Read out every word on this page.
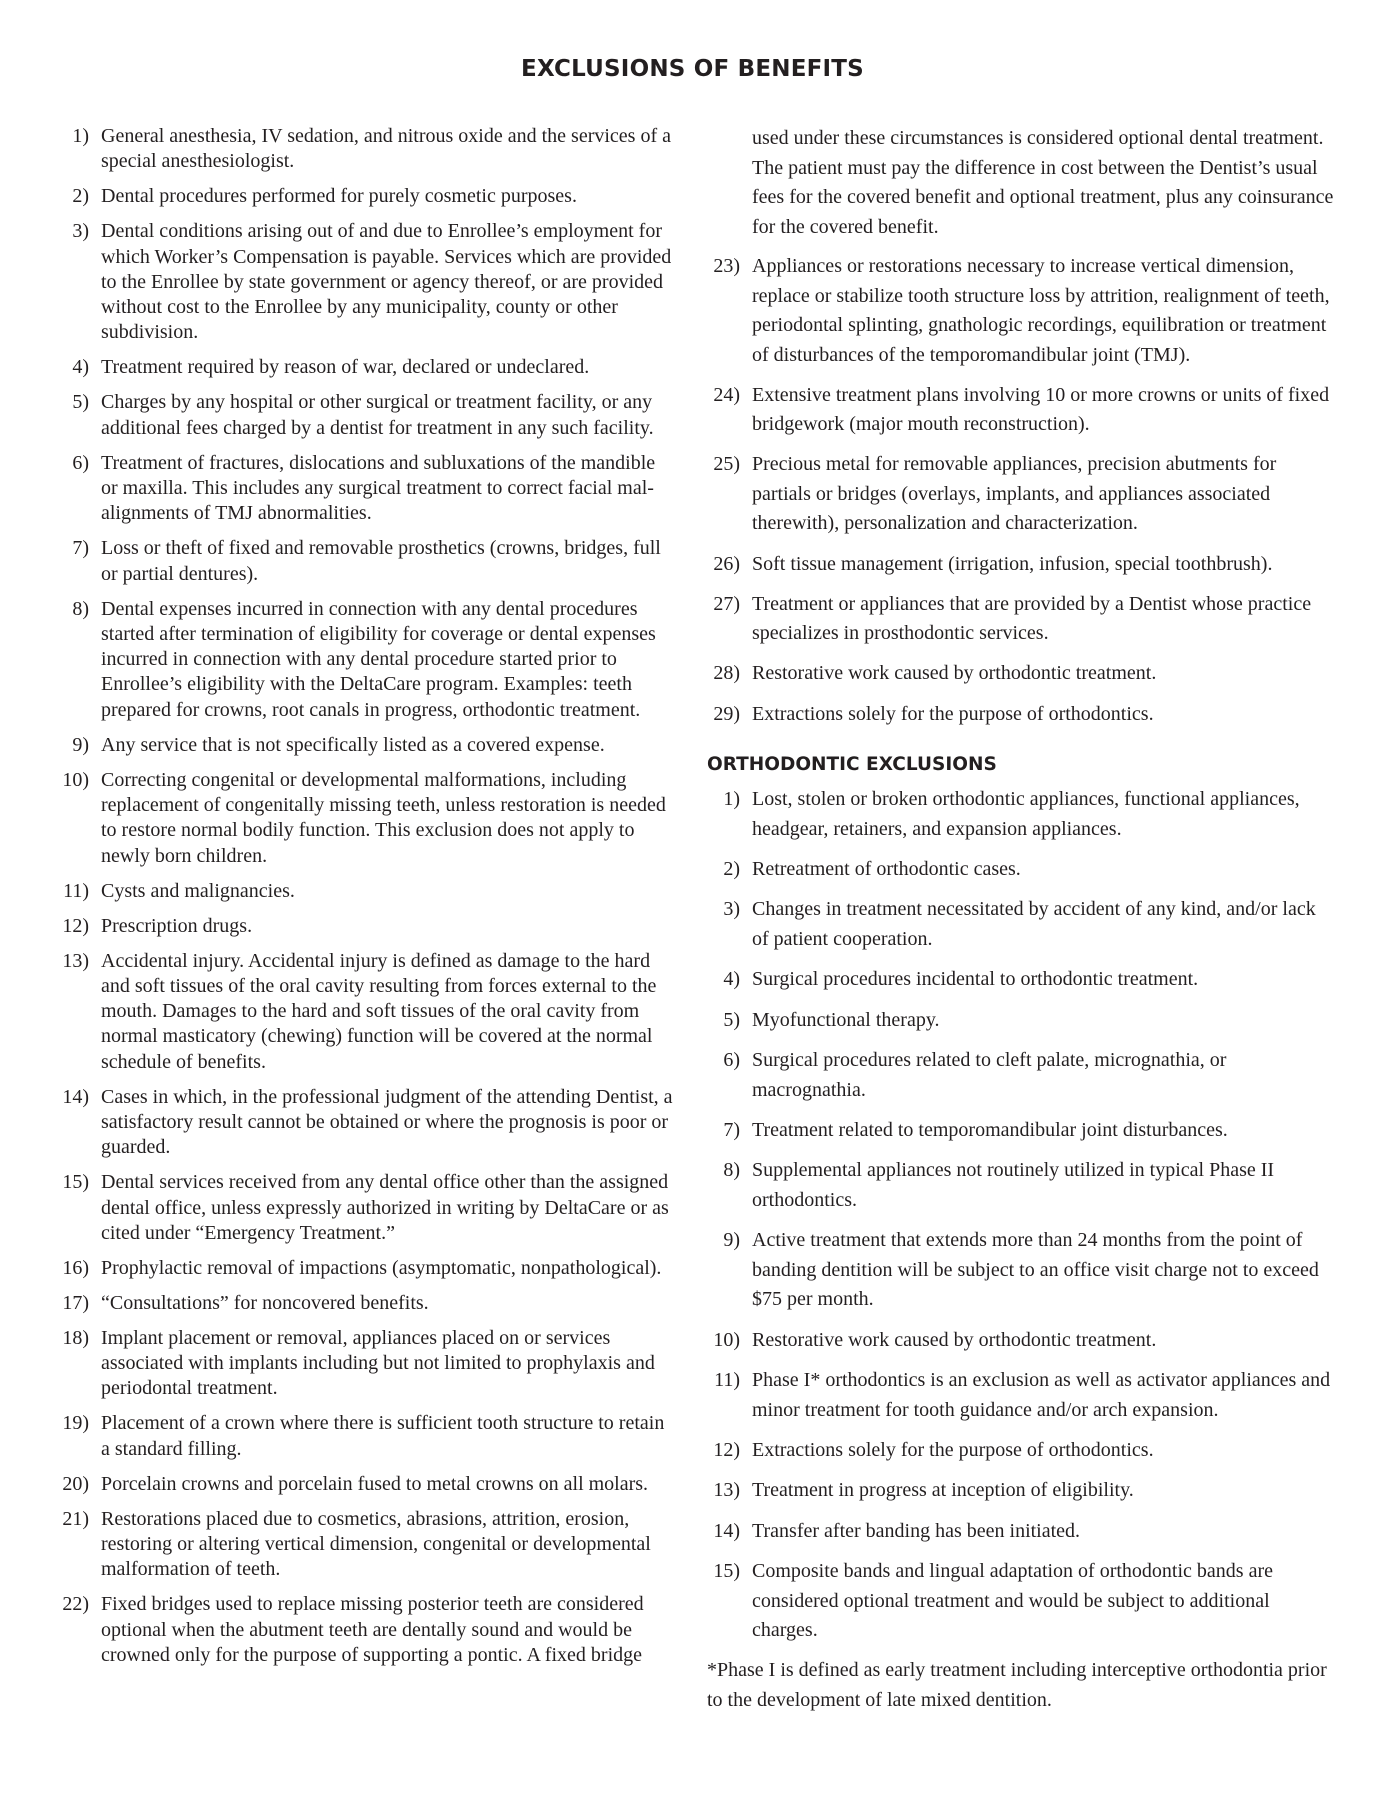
EXCLUSIONS OF BENEFITS
1) General anesthesia, IV sedation, and nitrous oxide and the services of a special anesthesiologist.
2) Dental procedures performed for purely cosmetic purposes.
3) Dental conditions arising out of and due to Enrollee’s employment for which Worker’s Compensation is payable. Services which are provided to the Enrollee by state government or agency thereof, or are provided without cost to the Enrollee by any municipality, county or other subdivision.
4) Treatment required by reason of war, declared or undeclared.
5) Charges by any hospital or other surgical or treatment facility, or any additional fees charged by a dentist for treatment in any such facility.
6) Treatment of fractures, dislocations and subluxations of the mandible or maxilla. This includes any surgical treatment to correct facial mal-alignments of TMJ abnormalities.
7) Loss or theft of fixed and removable prosthetics (crowns, bridges, full or partial dentures).
8) Dental expenses incurred in connection with any dental procedures started after termination of eligibility for coverage or dental expenses incurred in connection with any dental procedure started prior to Enrollee’s eligibility with the DeltaCare program. Examples: teeth prepared for crowns, root canals in progress, orthodontic treatment.
9) Any service that is not specifically listed as a covered expense.
10) Correcting congenital or developmental malformations, including replacement of congenitally missing teeth, unless restoration is needed to restore normal bodily function. This exclusion does not apply to newly born children.
11) Cysts and malignancies.
12) Prescription drugs.
13) Accidental injury. Accidental injury is defined as damage to the hard and soft tissues of the oral cavity resulting from forces external to the mouth. Damages to the hard and soft tissues of the oral cavity from normal masticatory (chewing) function will be covered at the normal schedule of benefits.
14) Cases in which, in the professional judgment of the attending Dentist, a satisfactory result cannot be obtained or where the prognosis is poor or guarded.
15) Dental services received from any dental office other than the assigned dental office, unless expressly authorized in writing by DeltaCare or as cited under “Emergency Treatment.”
16) Prophylactic removal of impactions (asymptomatic, nonpathological).
17) “Consultations” for noncovered benefits.
18) Implant placement or removal, appliances placed on or services associated with implants including but not limited to prophylaxis and periodontal treatment.
19) Placement of a crown where there is sufficient tooth structure to retain a standard filling.
20) Porcelain crowns and porcelain fused to metal crowns on all molars.
21) Restorations placed due to cosmetics, abrasions, attrition, erosion, restoring or altering vertical dimension, congenital or developmental malformation of teeth.
22) Fixed bridges used to replace missing posterior teeth are considered optional when the abutment teeth are dentally sound and would be crowned only for the purpose of supporting a pontic. A fixed bridge
used under these circumstances is considered optional dental treatment. The patient must pay the difference in cost between the Dentist’s usual fees for the covered benefit and optional treatment, plus any coinsurance for the covered benefit.
23) Appliances or restorations necessary to increase vertical dimension, replace or stabilize tooth structure loss by attrition, realignment of teeth, periodontal splinting, gnathologic recordings, equilibration or treatment of disturbances of the temporomandibular joint (TMJ).
24) Extensive treatment plans involving 10 or more crowns or units of fixed bridgework (major mouth reconstruction).
25) Precious metal for removable appliances, precision abutments for partials or bridges (overlays, implants, and appliances associated therewith), personalization and characterization.
26) Soft tissue management (irrigation, infusion, special toothbrush).
27) Treatment or appliances that are provided by a Dentist whose practice specializes in prosthodontic services.
28) Restorative work caused by orthodontic treatment.
29) Extractions solely for the purpose of orthodontics.
ORTHODONTIC EXCLUSIONS
1) Lost, stolen or broken orthodontic appliances, functional appliances, headgear, retainers, and expansion appliances.
2) Retreatment of orthodontic cases.
3) Changes in treatment necessitated by accident of any kind, and/or lack of patient cooperation.
4) Surgical procedures incidental to orthodontic treatment.
5) Myofunctional therapy.
6) Surgical procedures related to cleft palate, micrognathia, or macrognathia.
7) Treatment related to temporomandibular joint disturbances.
8) Supplemental appliances not routinely utilized in typical Phase II orthodontics.
9) Active treatment that extends more than 24 months from the point of banding dentition will be subject to an office visit charge not to exceed $75 per month.
10) Restorative work caused by orthodontic treatment.
11) Phase I* orthodontics is an exclusion as well as activator appliances and minor treatment for tooth guidance and/or arch expansion.
12) Extractions solely for the purpose of orthodontics.
13) Treatment in progress at inception of eligibility.
14) Transfer after banding has been initiated.
15) Composite bands and lingual adaptation of orthodontic bands are considered optional treatment and would be subject to additional charges.
*Phase I is defined as early treatment including interceptive orthodontia prior to the development of late mixed dentition.
